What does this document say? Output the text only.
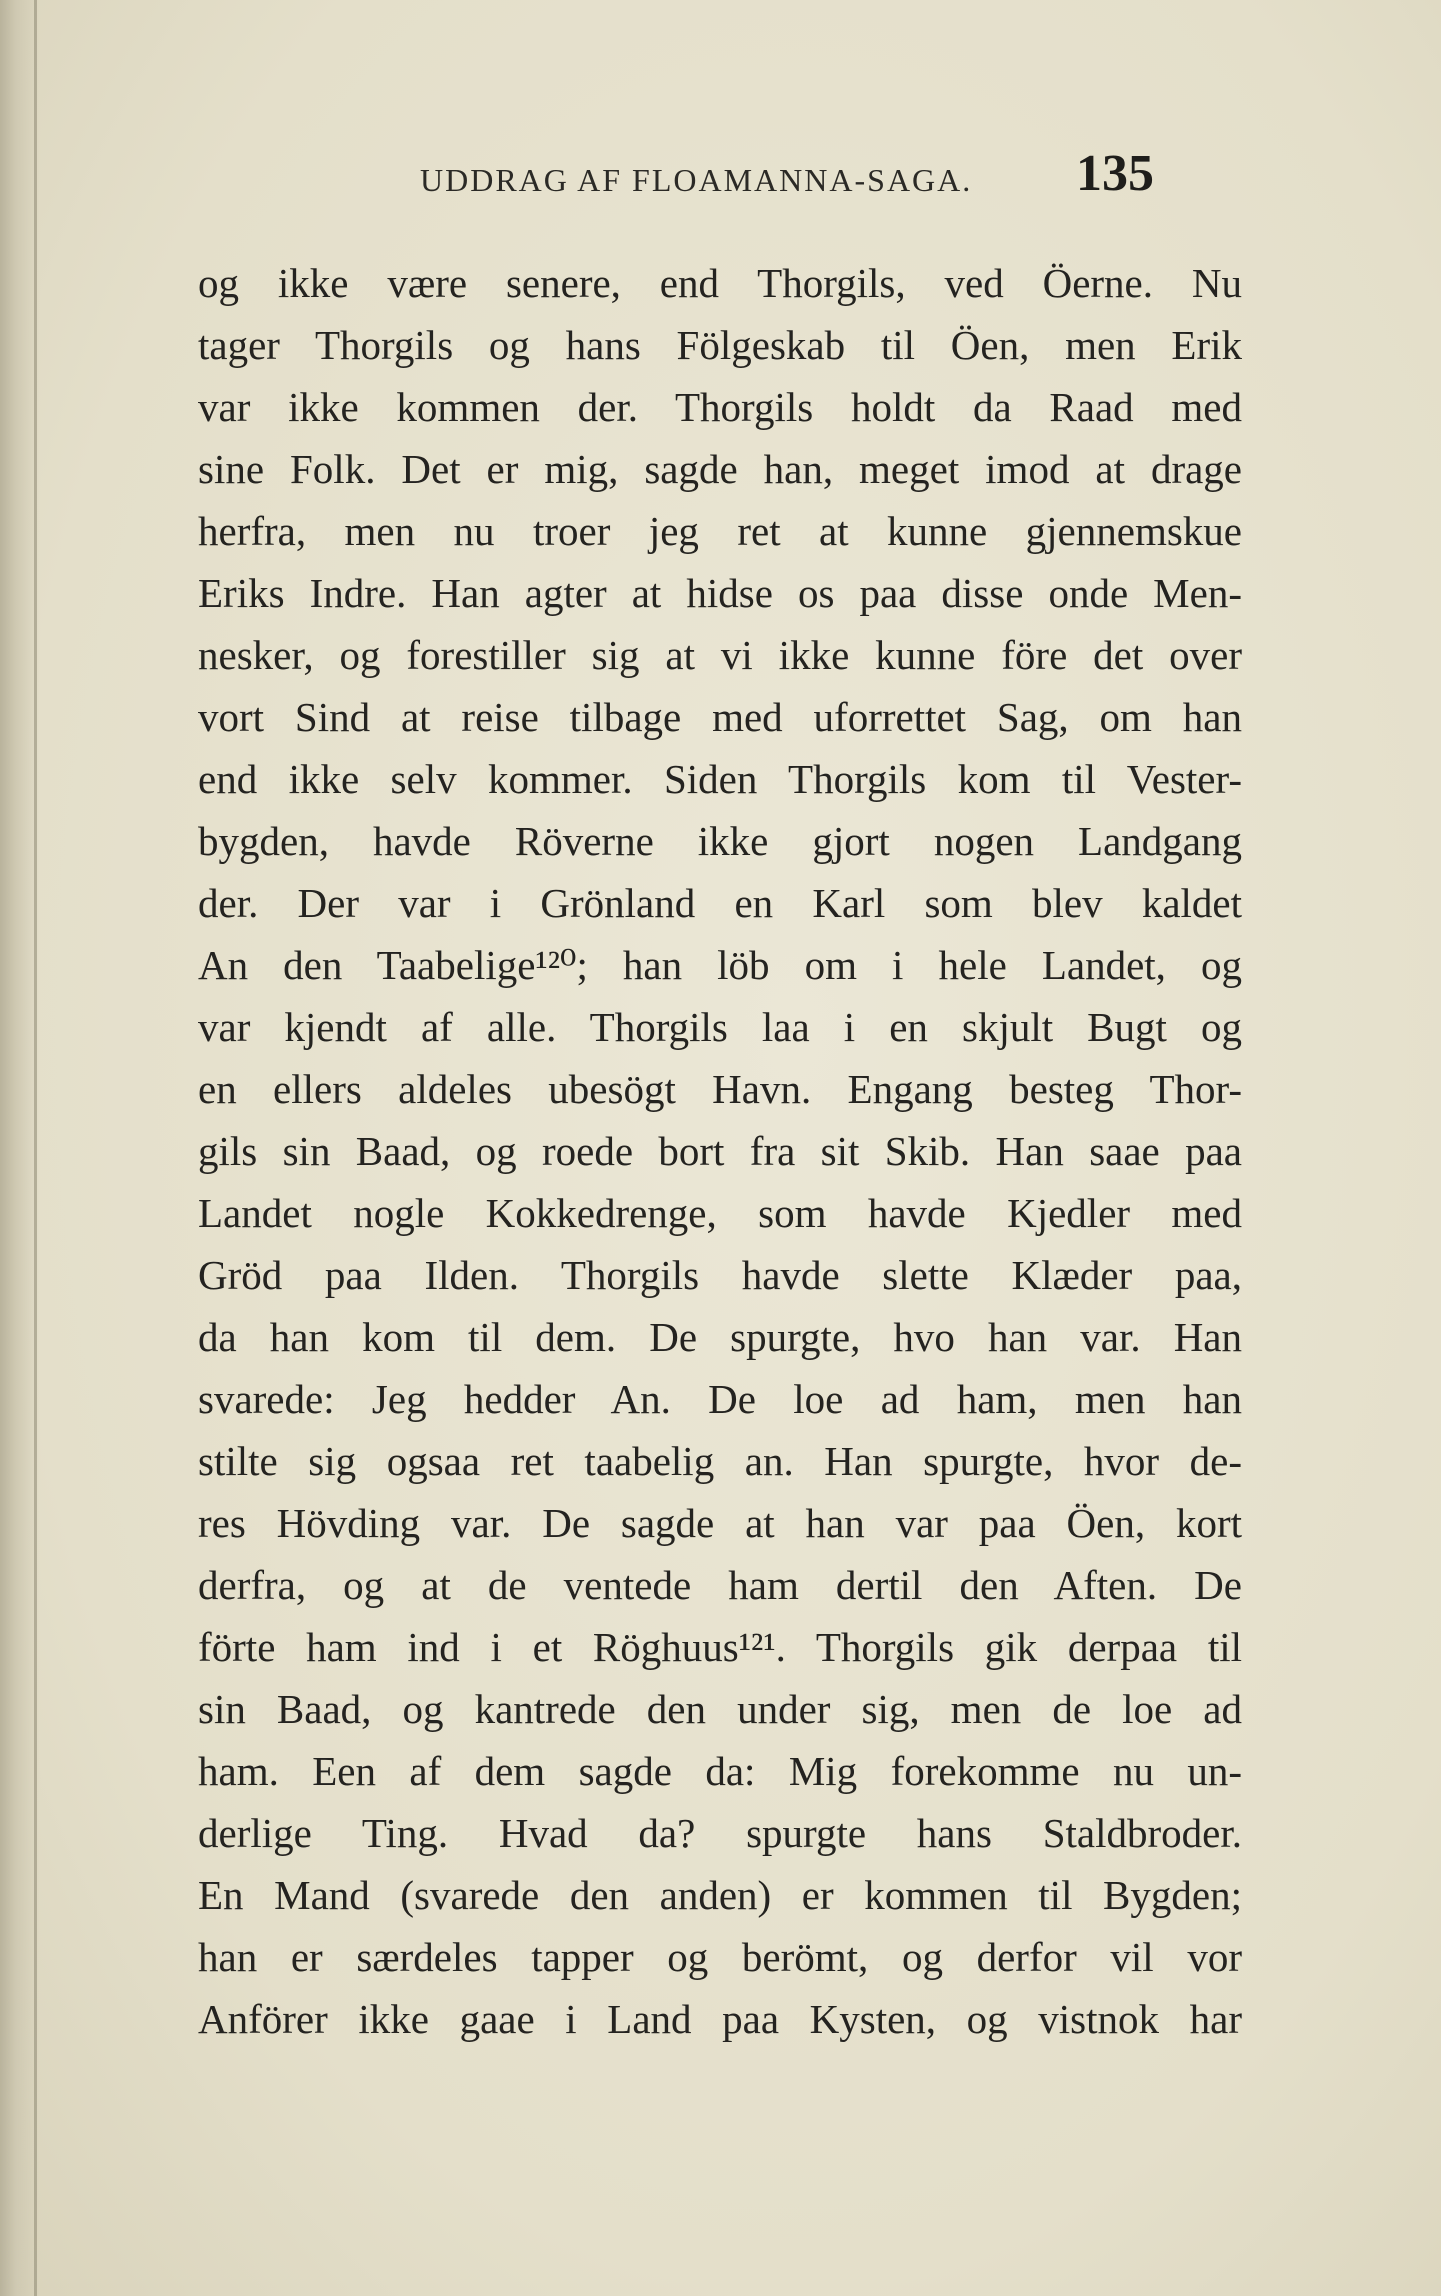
UDDRAG AF FLOAMANNA-SAGA. 135
og ikke være senere, end Thorgils, ved Öerne. Nu
tager Thorgils og hans Fölgeskab til Öen, men Erik
var ikke kommen der. Thorgils holdt da Raad med
sine Folk. Det er mig, sagde han, meget imod at drage
herfra, men nu troer jeg ret at kunne gjennemskue
Eriks Indre. Han agter at hidse os paa disse onde Men-
nesker, og forestiller sig at vi ikke kunne före det over
vort Sind at reise tilbage med uforrettet Sag, om han
end ikke selv kommer. Siden Thorgils kom til Vester-
bygden, havde Röverne ikke gjort nogen Landgang
der. Der var i Grönland en Karl som blev kaldet
An den Taabelige¹²⁰; han löb om i hele Landet, og
var kjendt af alle. Thorgils laa i en skjult Bugt og
en ellers aldeles ubesögt Havn. Engang besteg Thor-
gils sin Baad, og roede bort fra sit Skib. Han saae paa
Landet nogle Kokkedrenge, som havde Kjedler med
Gröd paa Ilden. Thorgils havde slette Klæder paa,
da han kom til dem. De spurgte, hvo han var. Han
svarede: Jeg hedder An. De loe ad ham, men han
stilte sig ogsaa ret taabelig an. Han spurgte, hvor de-
res Hövding var. De sagde at han var paa Öen, kort
derfra, og at de ventede ham dertil den Aften. De
förte ham ind i et Röghuus¹²¹. Thorgils gik derpaa til
sin Baad, og kantrede den under sig, men de loe ad
ham. Een af dem sagde da: Mig forekomme nu un-
derlige Ting. Hvad da? spurgte hans Staldbroder.
En Mand (svarede den anden) er kommen til Bygden;
han er særdeles tapper og berömt, og derfor vil vor
Anförer ikke gaae i Land paa Kysten, og vistnok har
